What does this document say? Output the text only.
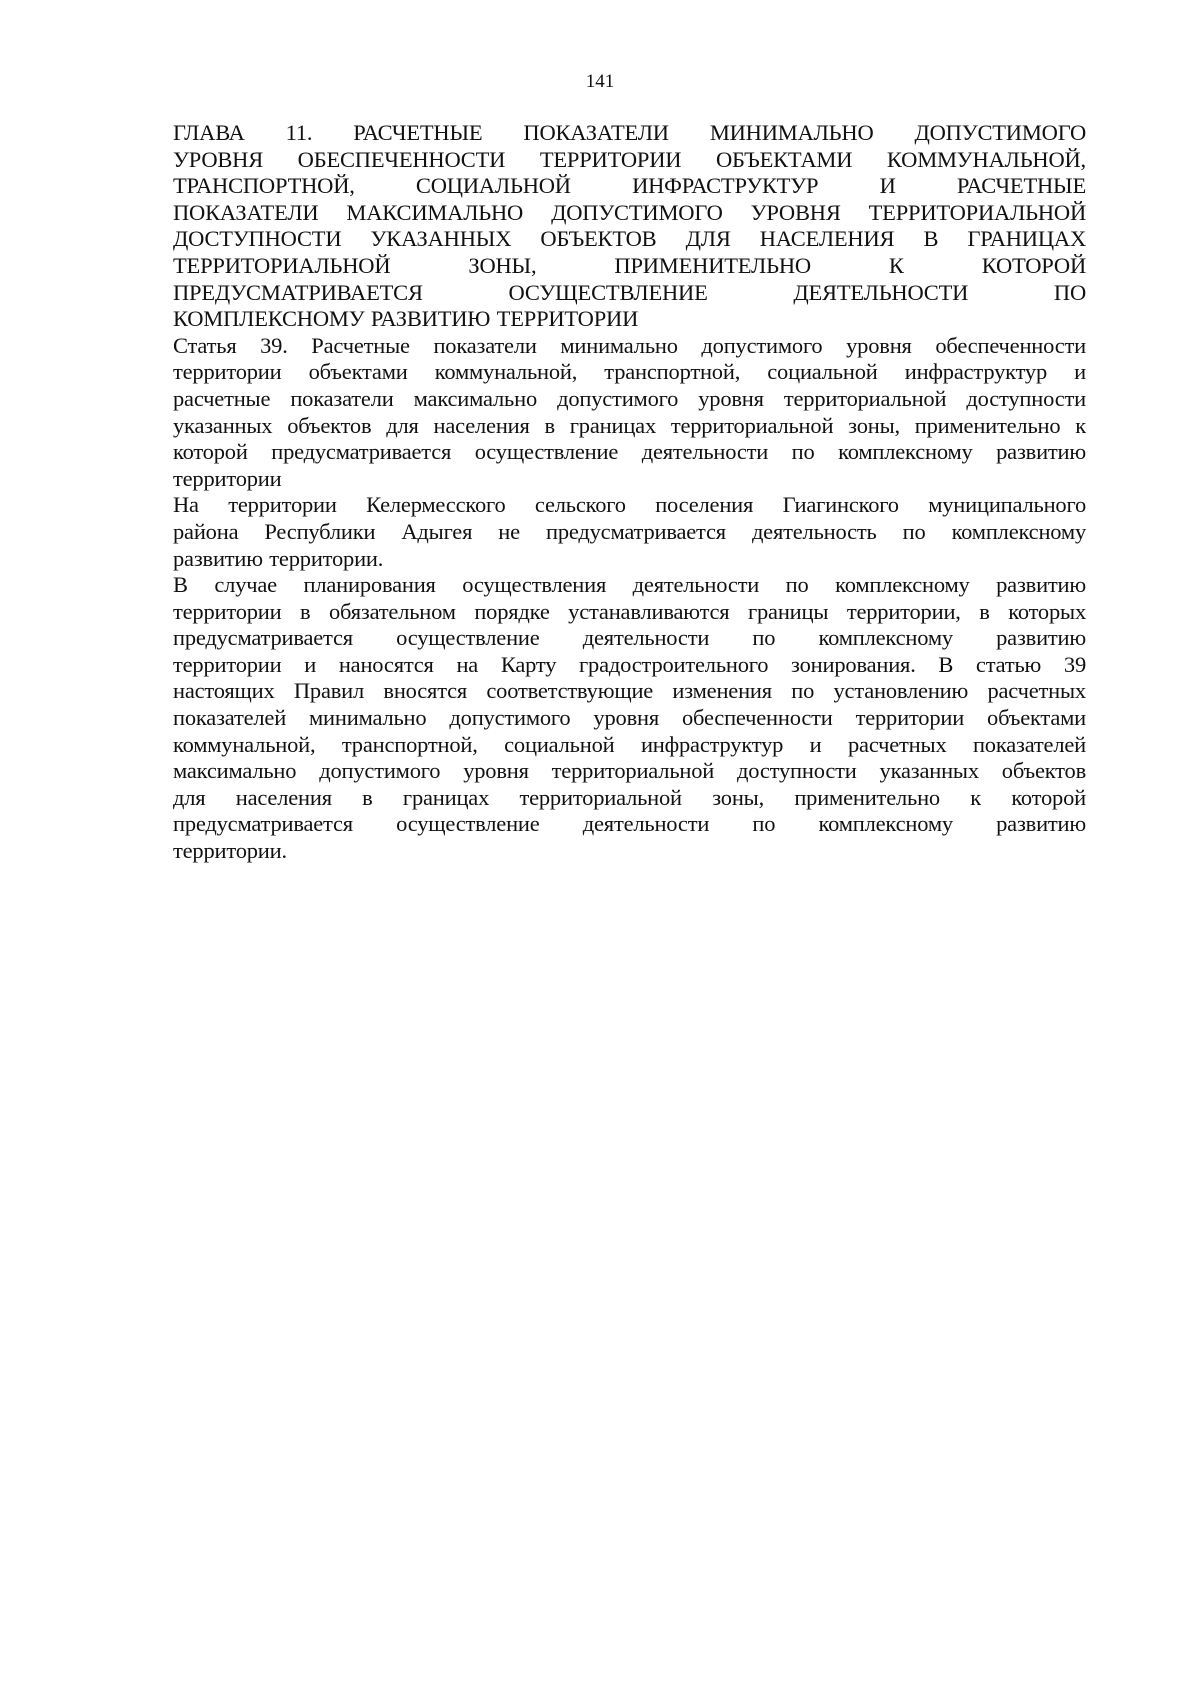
141
ГЛАВА 11. РАСЧЕТНЫЕ ПОКАЗАТЕЛИ МИНИМАЛЬНО ДОПУСТИМОГО
УРОВНЯ ОБЕСПЕЧЕННОСТИ ТЕРРИТОРИИ ОБЪЕКТАМИ КОММУНАЛЬНОЙ,
ТРАНСПОРТНОЙ, СОЦИАЛЬНОЙ ИНФРАСТРУКТУР И РАСЧЕТНЫЕ
ПОКАЗАТЕЛИ МАКСИМАЛЬНО ДОПУСТИМОГО УРОВНЯ ТЕРРИТОРИАЛЬНОЙ
ДОСТУПНОСТИ УКАЗАННЫХ ОБЪЕКТОВ ДЛЯ НАСЕЛЕНИЯ В ГРАНИЦАХ
ТЕРРИТОРИАЛЬНОЙ ЗОНЫ, ПРИМЕНИТЕЛЬНО К КОТОРОЙ
ПРЕДУСМАТРИВАЕТСЯ ОСУЩЕСТВЛЕНИЕ ДЕЯТЕЛЬНОСТИ ПО
КОМПЛЕКСНОМУ РАЗВИТИЮ ТЕРРИТОРИИ
Статья 39. Расчетные показатели минимально допустимого уровня обеспеченности
территории объектами коммунальной, транспортной, социальной инфраструктур и
расчетные показатели максимально допустимого уровня территориальной доступности
указанных объектов для населения в границах территориальной зоны, применительно к
которой предусматривается осуществление деятельности по комплексному развитию
территории
На территории Келермесского сельского поселения Гиагинского муниципального
района Республики Адыгея не предусматривается деятельность по комплексному
развитию территории.
В случае планирования осуществления деятельности по комплексному развитию
территории в обязательном порядке устанавливаются границы территории, в которых
предусматривается осуществление деятельности по комплексному развитию
территории и наносятся на Карту градостроительного зонирования. В статью 39
настоящих Правил вносятся соответствующие изменения по установлению расчетных
показателей минимально допустимого уровня обеспеченности территории объектами
коммунальной, транспортной, социальной инфраструктур и расчетных показателей
максимально допустимого уровня территориальной доступности указанных объектов
для населения в границах территориальной зоны, применительно к которой
предусматривается осуществление деятельности по комплексному развитию
территории.
